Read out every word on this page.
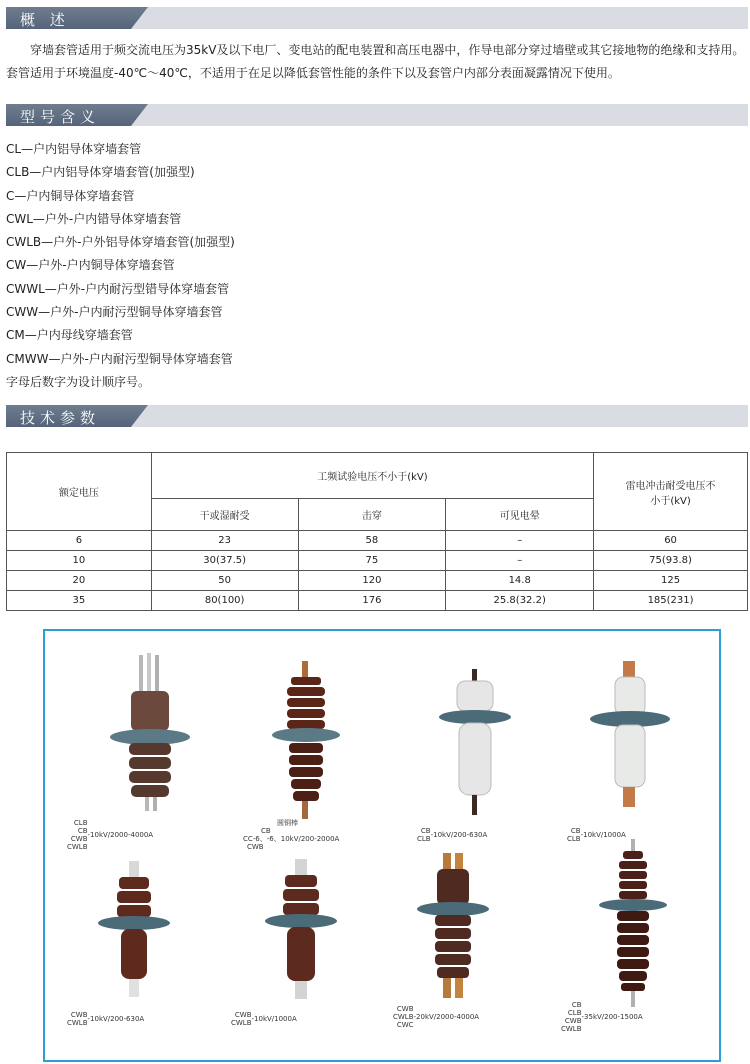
概 述
穿墙套管适用于频交流电压为35kV及以下电厂、变电站的配电装置和高压电器中，作导电部分穿过墙壁或其它接地物的绝缘和支持用。
套管适用于环境温度-40℃～40℃，不适用于在足以降低套管性能的条件下以及套管户内部分表面凝露情况下使用。
型号含义
CL—户内铝导体穿墙套管
CLB—户内铝导体穿墙套管(加强型)
C—户内铜导体穿墙套管
CWL—户外-户内错导体穿墙套管
CWLB—户外-户外铝导体穿墙套管(加强型)
CW—户外-户内铜导体穿墙套管
CWWL—户外-户内耐污型错导体穿墙套管
CWW—户外-户内耐污型铜导体穿墙套管
CM—户内母线穿墙套管
CMWW—户外-户内耐污型铜导体穿墙套管
字母后数字为设计顺序号。
技术参数
额定电压	工频试验电压不小于(kV)			雷电冲击耐受电压不小于(kV)
	干或湿耐受	击穿	可见电晕	
6	23	58	–	60
10	30(37.5)	75	–	75(93.8)
20	50	120	14.8	125
35	80(100)	176	25.8(32.2)	185(231)
CLB
CB
CWB
CWLB
-10kV/2000-4000A
圆铜棒
CB
CC-6、-6、10kV/200-2000A
CWB
CB
CLB -10kV/200-630A	CB
CLB -10kV/1000A
CWB
CWLB -10kV/200-630A	CWB
CWLB -10kV/1000A
CWB
CWLB
CWC
-20kV/2000-4000A
CB
CLB
CWB
CWLB
-35kV/200-1500A
